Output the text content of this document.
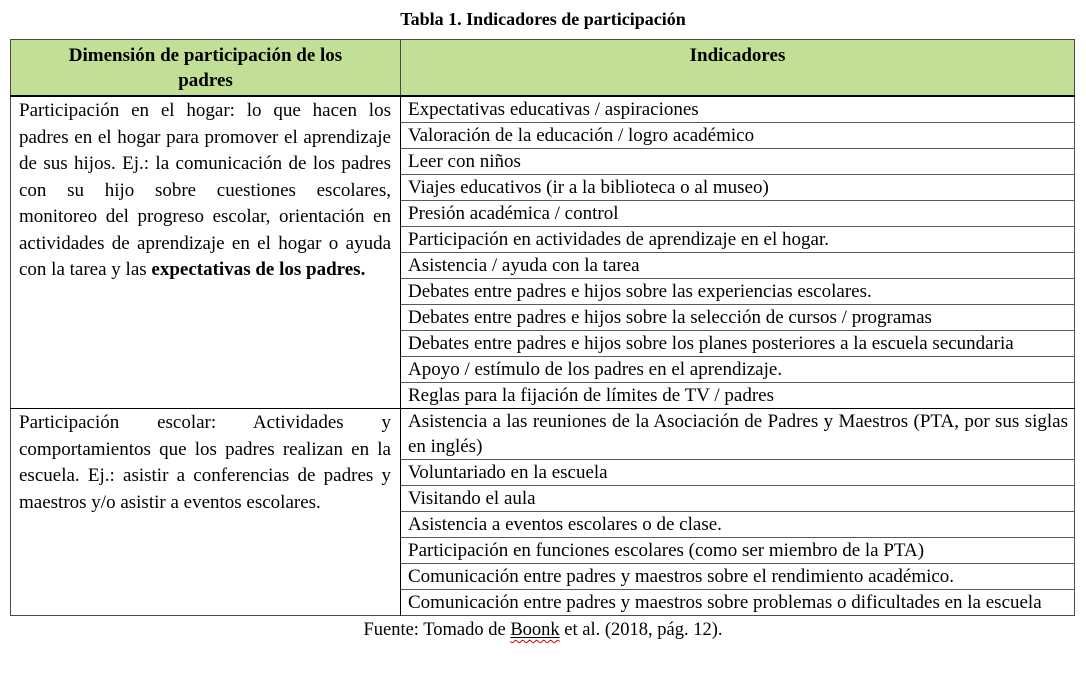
Tabla 1. Indicadores de participación
Dimensión de participación de los padres	Indicadores
Participación en el hogar: lo que hacen los padres en el hogar para promover el aprendizaje de sus hijos. Ej.: la comunicación de los padres con su hijo sobre cuestiones escolares, monitoreo del progreso escolar, orientación en actividades de aprendizaje en el hogar o ayuda con la tarea y las expectativas de los padres.	Expectativas educativas / aspiraciones
	Valoración de la educación / logro académico
	Leer con niños
	Viajes educativos (ir a la biblioteca o al museo)
	Presión académica / control
	Participación en actividades de aprendizaje en el hogar.
	Asistencia / ayuda con la tarea
	Debates entre padres e hijos sobre las experiencias escolares.
	Debates entre padres e hijos sobre la selección de cursos / programas
	Debates entre padres e hijos sobre los planes posteriores a la escuela secundaria
	Apoyo / estímulo de los padres en el aprendizaje.
	Reglas para la fijación de límites de TV / padres
Participación escolar: Actividades y comportamientos que los padres realizan en la escuela. Ej.: asistir a conferencias de padres y maestros y/o asistir a eventos escolares.	Asistencia a las reuniones de la Asociación de Padres y Maestros (PTA, por sus siglas en inglés)
	Voluntariado en la escuela
	Visitando el aula
	Asistencia a eventos escolares o de clase.
	Participación en funciones escolares (como ser miembro de la PTA)
	Comunicación entre padres y maestros sobre el rendimiento académico.
	Comunicación entre padres y maestros sobre problemas o dificultades en la escuela
Fuente: Tomado de Boonk et al. (2018, pág. 12).
